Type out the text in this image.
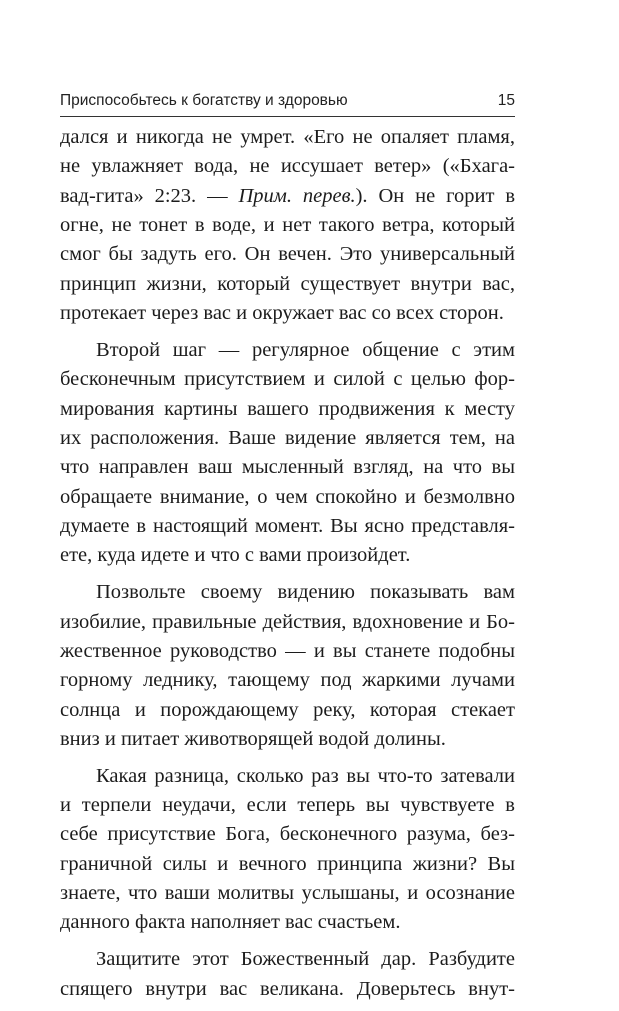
Приспособьтесь к богатству и здоровью	15
дался и никогда не умрет. «Его не опаляет пламя,
не увлажняет вода, не иссушает ветер» («Бхага-
вад-гита» 2:23. — Прим. перев.). Он не горит в
огне, не тонет в воде, и нет такого ветра, который
смог бы задуть его. Он вечен. Это универсальный
принцип жизни, который существует внутри вас,
протекает через вас и окружает вас со всех сторон.
Второй шаг — регулярное общение с этим
бесконечным присутствием и силой с целью фор-
мирования картины вашего продвижения к месту
их расположения. Ваше видение является тем, на
что направлен ваш мысленный взгляд, на что вы
обращаете внимание, о чем спокойно и безмолвно
думаете в настоящий момент. Вы ясно представля-
ете, куда идете и что с вами произойдет.
Позвольте своему видению показывать вам
изобилие, правильные действия, вдохновение и Бо-
жественное руководство — и вы станете подобны
горному леднику, тающему под жаркими лучами
солнца и порождающему реку, которая стекает
вниз и питает животворящей водой долины.
Какая разница, сколько раз вы что-то затевали
и терпели неудачи, если теперь вы чувствуете в
себе присутствие Бога, бесконечного разума, без-
граничной силы и вечного принципа жизни? Вы
знаете, что ваши молитвы услышаны, и осознание
данного факта наполняет вас счастьем.
Защитите этот Божественный дар. Разбудите
спящего внутри вас великана. Доверьтесь внут-
